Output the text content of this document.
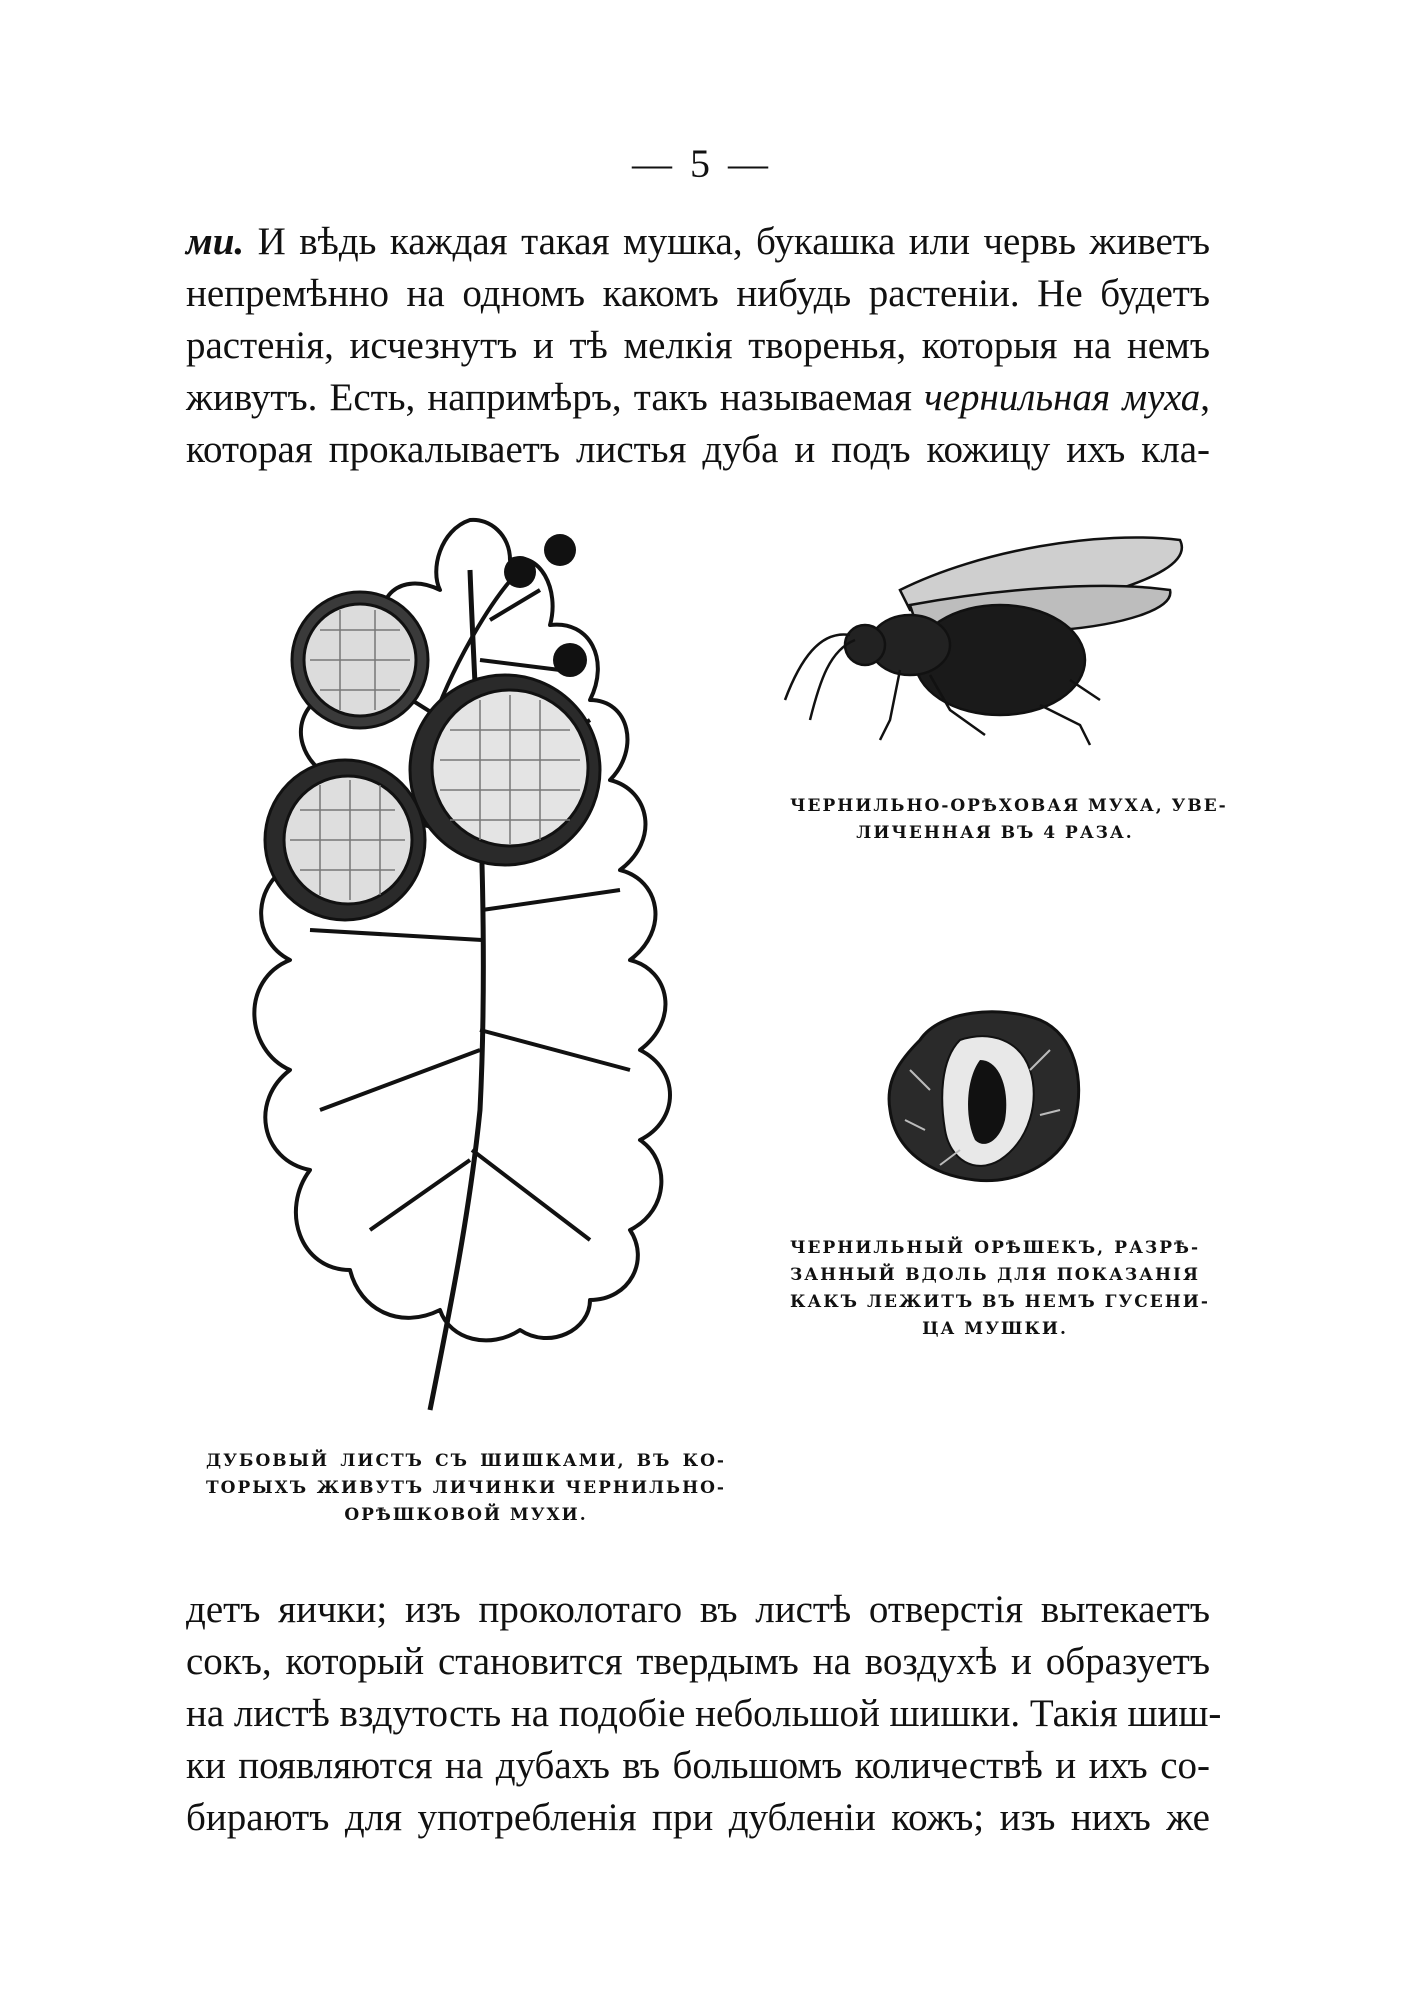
— 5 —
ми. И вѣдь каждая такая мушка, букашка или червь живетъ
непремѣнно на одномъ какомъ нибудь растеніи. Не будетъ
растенія, исчезнутъ и тѣ мелкія творенья, которыя на немъ
живутъ. Есть, напримѣръ, такъ называемая чернильная муха,
которая прокалываетъ листья дуба и подъ кожицу ихъ кла-
ЧЕРНИЛЬНО-ОРѢХОВАЯ МУХА, УВЕ-
ЛИЧЕННАЯ ВЪ 4 РАЗА.
ЧЕРНИЛЬНЫЙ ОРѢШЕКЪ, РАЗРѢ-
ЗАННЫЙ ВДОЛЬ ДЛЯ ПОКАЗАНІЯ
КАКЪ ЛЕЖИТЪ ВЪ НЕМЪ ГУСЕНИ-
ЦА МУШКИ.
ДУБОВЫЙ ЛИСТЪ СЪ ШИШКАМИ, ВЪ КО-
ТОРЫХЪ ЖИВУТЪ ЛИЧИНКИ ЧЕРНИЛЬНО-
ОРѢШКОВОЙ МУХИ.
детъ яички; изъ проколотаго въ листѣ отверстія вытекаетъ
сокъ, который становится твердымъ на воздухѣ и образуетъ
на листѣ вздутость на подобіе небольшой шишки. Такія шиш-
ки появляются на дубахъ въ большомъ количествѣ и ихъ со-
бираютъ для употребленія при дубленіи кожъ; изъ нихъ же
